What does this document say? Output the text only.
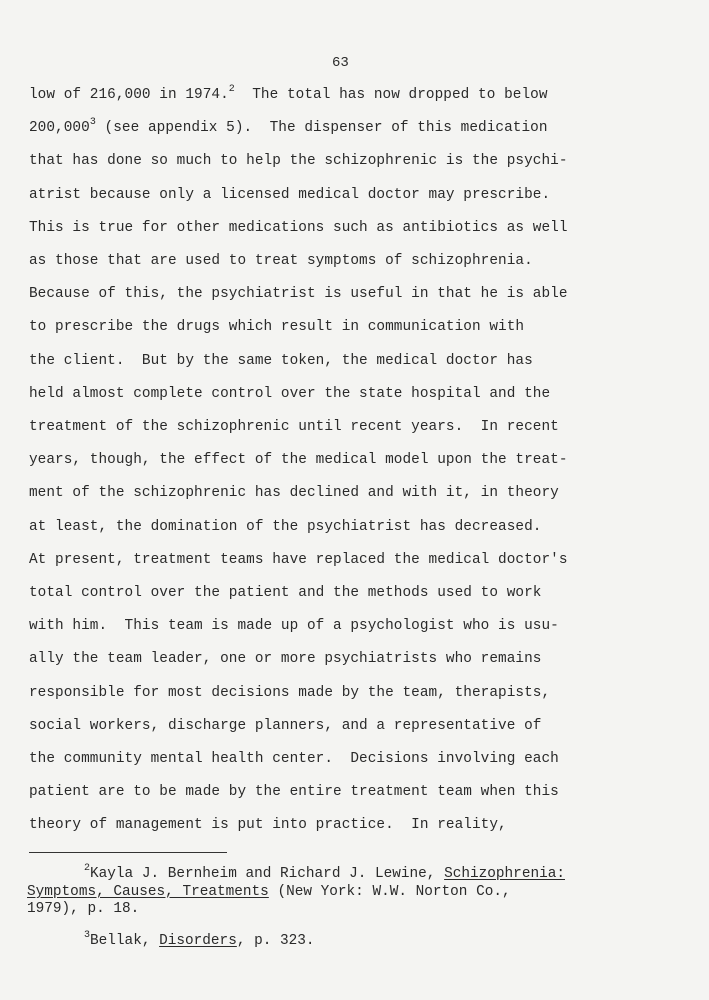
63
low of 216,000 in 1974.$^2$  The total has now dropped to below
200,000$^3$ (see appendix 5).  The dispenser of this medication
that has done so much to help the schizophrenic is the psychi-
atrist because only a licensed medical doctor may prescribe.
This is true for other medications such as antibiotics as well
as those that are used to treat symptoms of schizophrenia.
Because of this, the psychiatrist is useful in that he is able
to prescribe the drugs which result in communication with
the client.  But by the same token, the medical doctor has
held almost complete control over the state hospital and the
treatment of the schizophrenic until recent years.  In recent
years, though, the effect of the medical model upon the treat-
ment of the schizophrenic has declined and with it, in theory
at least, the domination of the psychiatrist has decreased.
At present, treatment teams have replaced the medical doctor's
total control over the patient and the methods used to work
with him.  This team is made up of a psychologist who is usu-
ally the team leader, one or more psychiatrists who remains
responsible for most decisions made by the team, therapists,
social workers, discharge planners, and a representative of
the community mental health center.  Decisions involving each
patient are to be made by the entire treatment team when this
theory of management is put into practice.  In reality,
$^2$Kayla J. Bernheim and Richard J. Lewine, Schizophrenia:
Symptoms, Causes, Treatments (New York: W.W. Norton Co.,
1979), p. 18.
$^3$Bellak, Disorders, p. 323.
